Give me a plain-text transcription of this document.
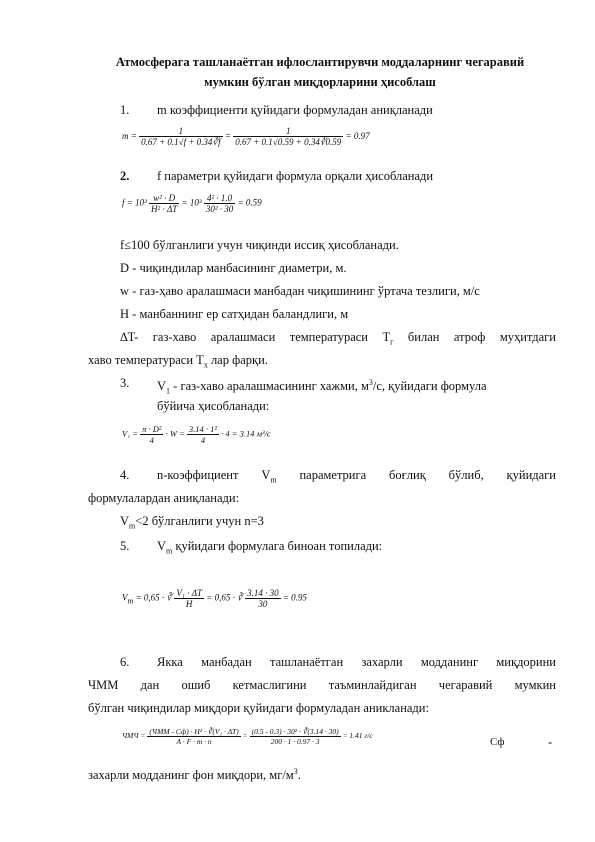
Атмосферага ташланаётган ифлослантирувчи моддаларнинг чегаравий
мумкин бўлган миқдорларини ҳисоблаш
1. m коэффициенти қуйидаги формуладан аниқланади
$m = \frac{1}{0.67 + 0.1√f + 0.34∛f} = \frac{1}{0.67 + 0.1√0.59 + 0.34∛0.59} = 0.97$
2. f параметри қуйидаги формула орқали ҳисобланади
$f = 10^3 \frac{\text{w² · D}}{\text{H² · ΔT}} = 10^3 \frac{\text{4² · 1.0}}{\text{30² · 30}} = 0.59$
f≤100 бўлганлиги учун чиқинди иссиқ ҳисобланади.
D - чиқиндилар манбасининг диаметри, м.
w - газ-ҳаво аралашмаси манбадан чиқишининг ўртача тезлиги, м/с
H - манбаннинг ер сатҳидан баландлиги, м
∆T- газ-хаво аралашмаси температураси $Т_г$ билан атроф муҳитдаги
хаво температураси $Т_х$ лар фарқи.
3. $V_1$ - газ-хаво аралашмасининг хажми, $м^3/с$, қуйидаги формула
бўйича ҳисобланади:
$V_1 = \frac{\text{π · D²}}{4} \cdot W = \frac{\text{3.14 · 1²}}{4} \cdot 4 = 3.14$ м³/с
4. n-коэффициент $V_m$ параметрига боғлиқ бўлиб, қуйидаги
формулалардан аниқланади:
$V_m<2$ бўлганлиги учун n=3
5. $V_m$ қуйидаги формулага биноан топилади:
$V_m = 0,65$ · ∛ $\frac{\text{V₁ · ΔT}}{H} = 0,65$ · ∛ $\frac{3.14 \cdot 30}{30} = 0.95$
6. Якка манбадан ташланаётган захарли модданинг миқдорини
ЧММ дан ошиб кетмаслигини таъминлайдиган чегаравий мумкин
бўлган чиқиндилар миқдори қуйидаги формуладан аникланади:
ЧМЧ = $\frac{\text{(ЧММ - Сф) · H² · ∛(V₁ · ΔT)}}{A \cdot F \cdot m \cdot n} = \frac{\text{(0.5 - 0.3) · 30² · ∛(3.14 · 30)}}{200 \cdot 1 \cdot 0.97 \cdot 3} = 1.41$ г/с
Сф	-
захарли модданинг фон миқдори, $мг/м^3$.
